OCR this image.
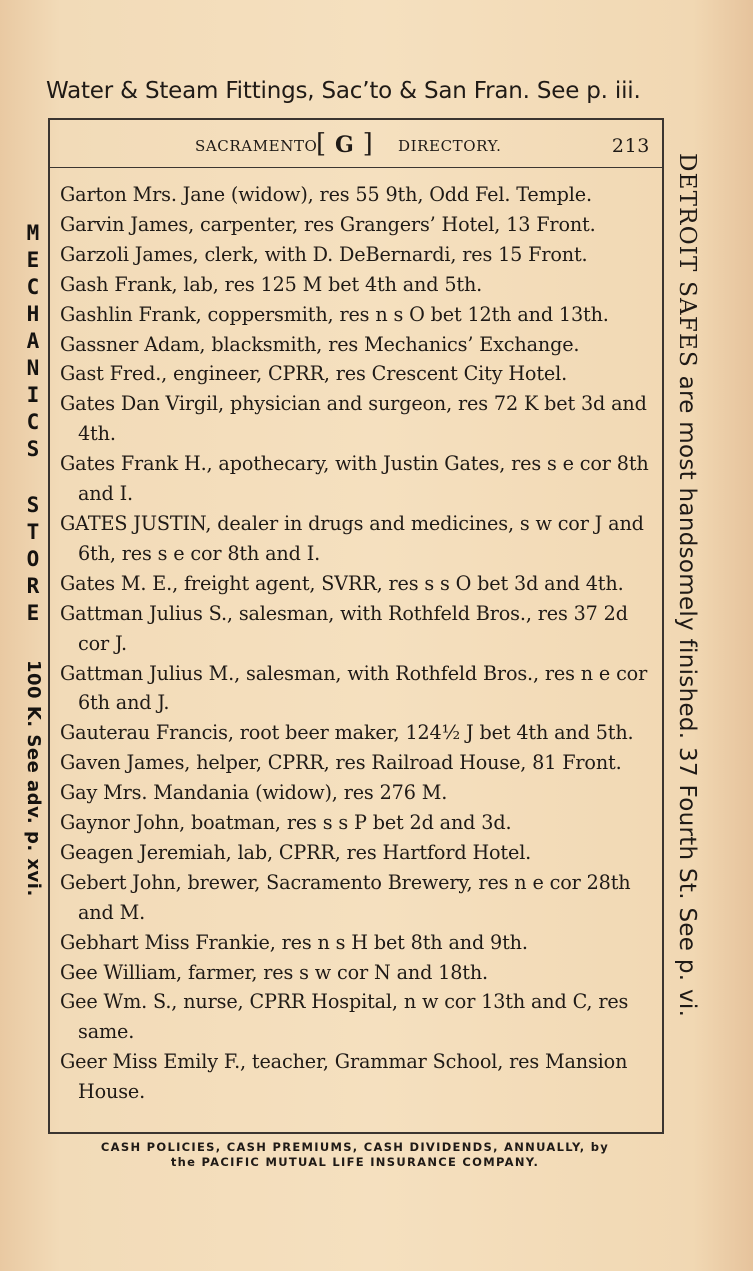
Water & Steam Fittings, Sac’to & San Fran. See p. iii.
SACRAMENTO
[ G ] DIRECTORY.	213

Garton Mrs. Jane (widow), res 55 9th, Odd Fel. Temple.

Garvin James, carpenter, res Grangers’ Hotel, 13 Front.

Garzoli James, clerk, with D. DeBernardi, res 15 Front.

Gash Frank, lab, res 125 M bet 4th and 5th.

Gashlin Frank, coppersmith, res n s O bet 12th and 13th.

Gassner Adam, blacksmith, res Mechanics’ Exchange.

Gast Fred., engineer, CPRR, res Crescent City Hotel.

Gates Dan Virgil, physician and surgeon, res 72 K bet 3d and 4th.

Gates Frank H., apothecary, with Justin Gates, res s e cor 8th and I.

GATES JUSTIN, dealer in drugs and medicines, s w cor J and 6th, res s e cor 8th and I.

Gates M. E., freight agent, SVRR, res s s O bet 3d and 4th.

Gattman Julius S., salesman, with Rothfeld Bros., res 37 2d cor J.

Gattman Julius M., salesman, with Rothfeld Bros., res n e cor 6th and J.

Gauterau Francis, root beer maker, 124½ J bet 4th and 5th.

Gaven James, helper, CPRR, res Railroad House, 81 Front.

Gay Mrs. Mandania (widow), res 276 M.

Gaynor John, boatman, res s s P bet 2d and 3d.

Geagen Jeremiah, lab, CPRR, res Hartford Hotel.

Gebert John, brewer, Sacramento Brewery, res n e cor 28th and M.

Gebhart Miss Frankie, res n s H bet 8th and 9th.

Gee William, farmer, res s w cor N and 18th.

Gee Wm. S., nurse, CPRR Hospital, n w cor 13th and C, res same.

Geer Miss Emily F., teacher, Grammar School, res Mansion House.

M
E
C
H
A
N
I
C
S
S
T
O
R
E
100 K. See adv. p. xvi.
DETROIT SAFES are most handsomely finished. 37 Fourth St. See p. vi.
CASH POLICIES, CASH PREMIUMS, CASH DIVIDENDS, ANNUALLY, by
the PACIFIC MUTUAL LIFE INSURANCE COMPANY.
